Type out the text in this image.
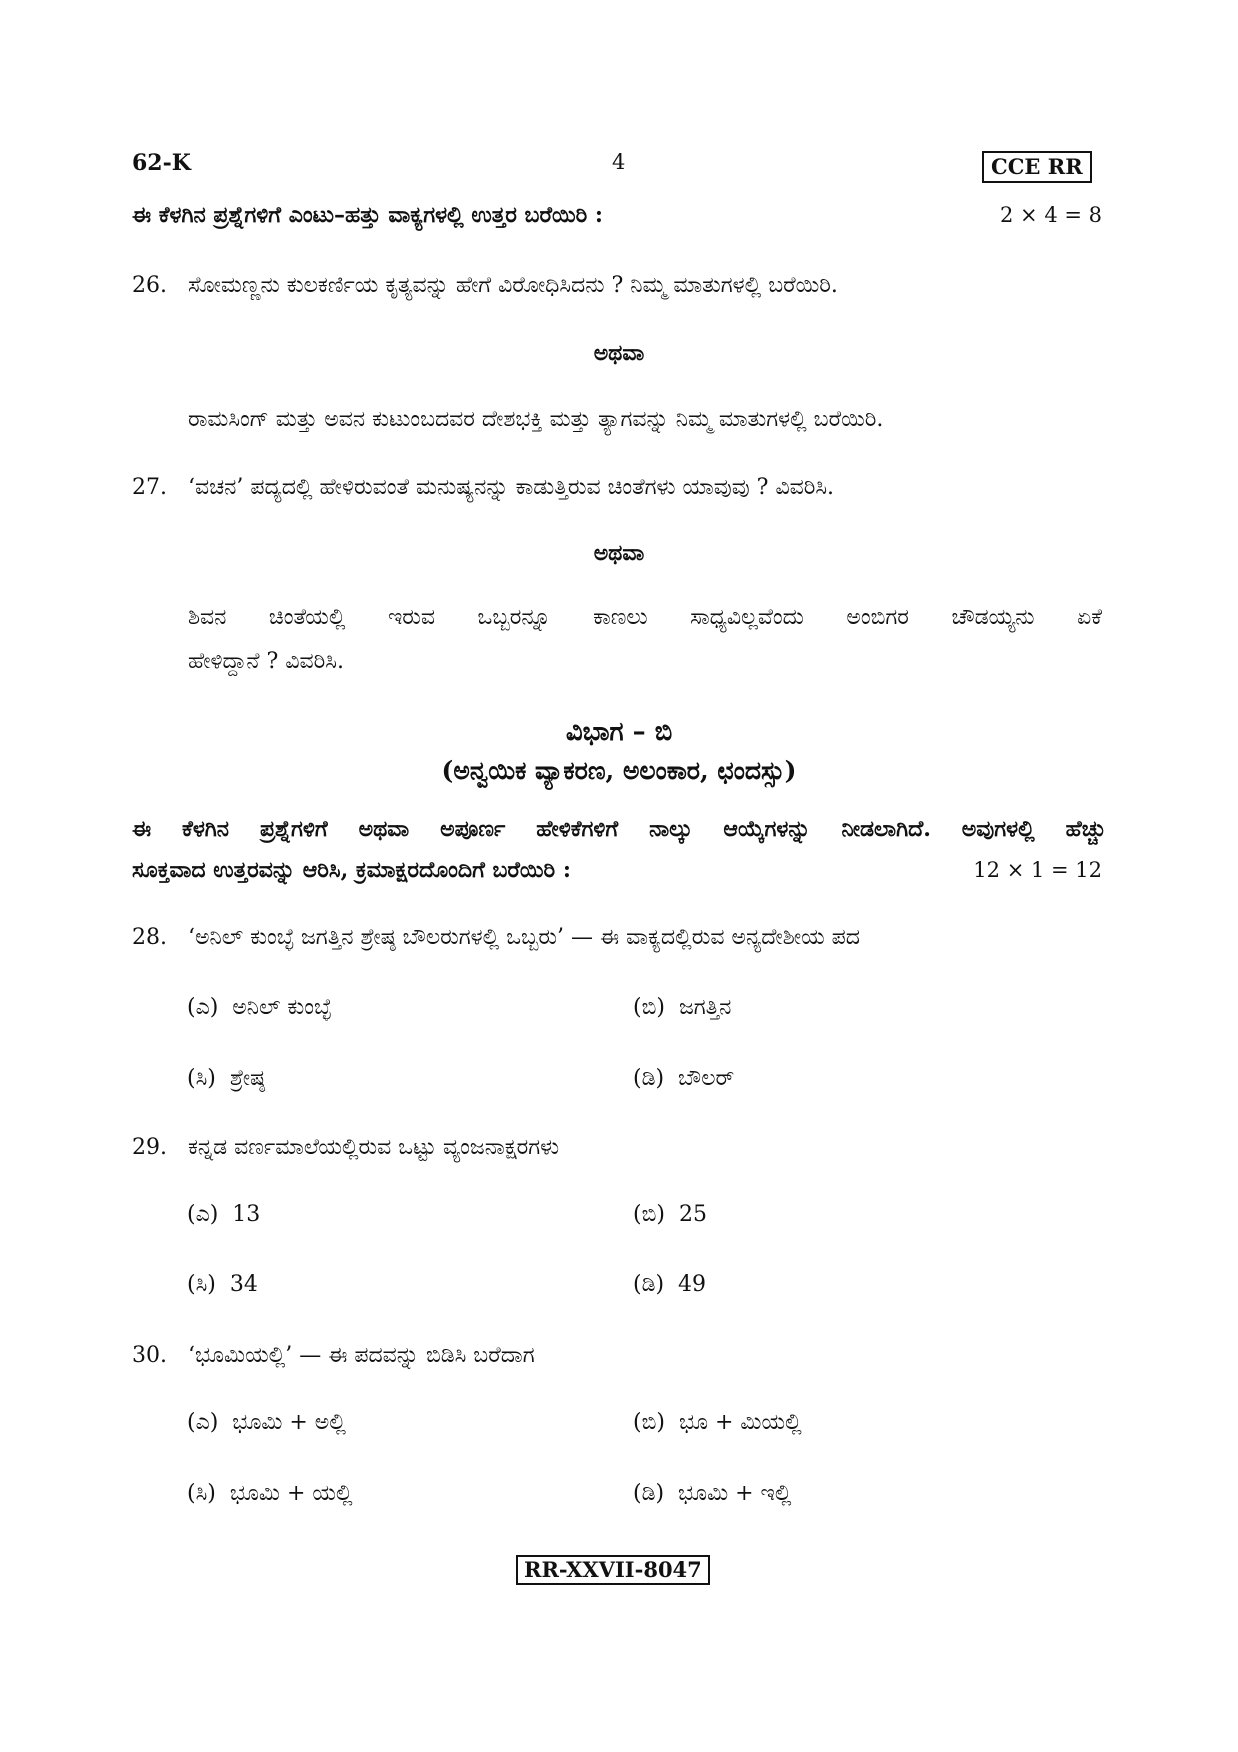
62-K	4	CCE RR
ಈ ಕೆಳಗಿನ ಪ್ರಶ್ನೆಗಳಿಗೆ ಎಂಟು–ಹತ್ತು ವಾಕ್ಯಗಳಲ್ಲಿ ಉತ್ತರ ಬರೆಯಿರಿ :	2 × 4 = 8
26. ಸೋಮಣ್ಣನು ಕುಲಕರ್ಣಿಯ ಕೃತ್ಯವನ್ನು ಹೇಗೆ ವಿರೋಧಿಸಿದನು ? ನಿಮ್ಮ ಮಾತುಗಳಲ್ಲಿ ಬರೆಯಿರಿ.
ಅಥವಾ
ರಾಮಸಿಂಗ್ ಮತ್ತು ಅವನ ಕುಟುಂಬದವರ ದೇಶಭಕ್ತಿ ಮತ್ತು ತ್ಯಾಗವನ್ನು ನಿಮ್ಮ ಮಾತುಗಳಲ್ಲಿ ಬರೆಯಿರಿ.
27. ‘ವಚನ’ ಪದ್ಯದಲ್ಲಿ ಹೇಳಿರುವಂತೆ ಮನುಷ್ಯನನ್ನು ಕಾಡುತ್ತಿರುವ ಚಿಂತೆಗಳು ಯಾವುವು ? ವಿವರಿಸಿ.
ಅಥವಾ
ಶಿವನ ಚಿಂತೆಯಲ್ಲಿ ಇರುವ ಒಬ್ಬರನ್ನೂ ಕಾಣಲು ಸಾಧ್ಯವಿಲ್ಲವೆಂದು ಅಂಬಿಗರ ಚೌಡಯ್ಯನು ಏಕೆ
ಹೇಳಿದ್ದಾನೆ ? ವಿವರಿಸಿ.
ವಿಭಾಗ – ಬಿ
(ಅನ್ವಯಿಕ ವ್ಯಾಕರಣ, ಅಲಂಕಾರ, ಛಂದಸ್ಸು)
ಈ ಕೆಳಗಿನ ಪ್ರಶ್ನೆಗಳಿಗೆ ಅಥವಾ ಅಪೂರ್ಣ ಹೇಳಿಕೆಗಳಿಗೆ ನಾಲ್ಕು ಆಯ್ಕೆಗಳನ್ನು ನೀಡಲಾಗಿದೆ. ಅವುಗಳಲ್ಲಿ ಹೆಚ್ಚು
ಸೂಕ್ತವಾದ ಉತ್ತರವನ್ನು ಆರಿಸಿ, ಕ್ರಮಾಕ್ಷರದೊಂದಿಗೆ ಬರೆಯಿರಿ :	12 × 1 = 12
28. ‘ಅನಿಲ್ ಕುಂಬ್ಳೆ ಜಗತ್ತಿನ ಶ್ರೇಷ್ಠ ಬೌಲರುಗಳಲ್ಲಿ ಒಬ್ಬರು’ — ಈ ವಾಕ್ಯದಲ್ಲಿರುವ ಅನ್ಯದೇಶೀಯ ಪದ
(ಎ) ಅನಿಲ್ ಕುಂಬ್ಳೆ	(ಬಿ) ಜಗತ್ತಿನ
(ಸಿ) ಶ್ರೇಷ್ಠ	(ಡಿ) ಬೌಲರ್
29. ಕನ್ನಡ ವರ್ಣಮಾಲೆಯಲ್ಲಿರುವ ಒಟ್ಟು ವ್ಯಂಜನಾಕ್ಷರಗಳು
(ಎ) 13	(ಬಿ) 25
(ಸಿ) 34	(ಡಿ) 49
30. ‘ಭೂಮಿಯಲ್ಲಿ’ — ಈ ಪದವನ್ನು ಬಿಡಿಸಿ ಬರೆದಾಗ
(ಎ) ಭೂಮಿ + ಅಲ್ಲಿ	(ಬಿ) ಭೂ + ಮಿಯಲ್ಲಿ
(ಸಿ) ಭೂಮಿ + ಯಲ್ಲಿ	(ಡಿ) ಭೂಮಿ + ಇಲ್ಲಿ
RR-XXVII-8047
